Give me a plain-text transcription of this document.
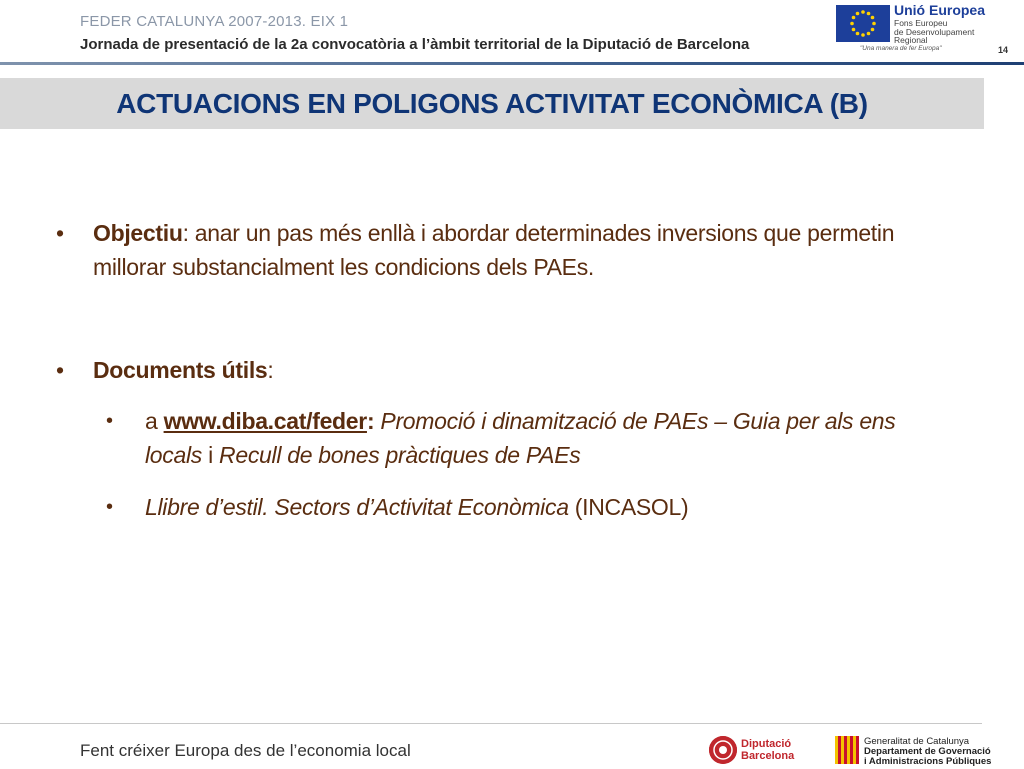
FEDER CATALUNYA 2007-2013. EIX 1
Jornada de presentació de la 2a convocatòria a l’àmbit territorial de la Diputació de Barcelona
Unió Europea
Fons Europeu
de Desenvolupament
Regional
"Una manera de fer Europa"	14
ACTUACIONS EN POLIGONS ACTIVITAT ECONÒMICA (B)
• Objectiu: anar un pas més enllà i abordar determinades inversions que permetin millorar substancialment les condicions dels PAEs.
• Documents útils:
• a www.diba.cat/feder: Promoció i dinamització de PAEs – Guia per als ens locals i Recull de bones pràctiques de PAEs
• Llibre d’estil. Sectors d’Activitat Econòmica (INCASOL)
Fent créixer Europa des de l’economia local	Diputació
Barcelona
Generalitat de Catalunya
Departament de Governació
i Administracions Públiques
